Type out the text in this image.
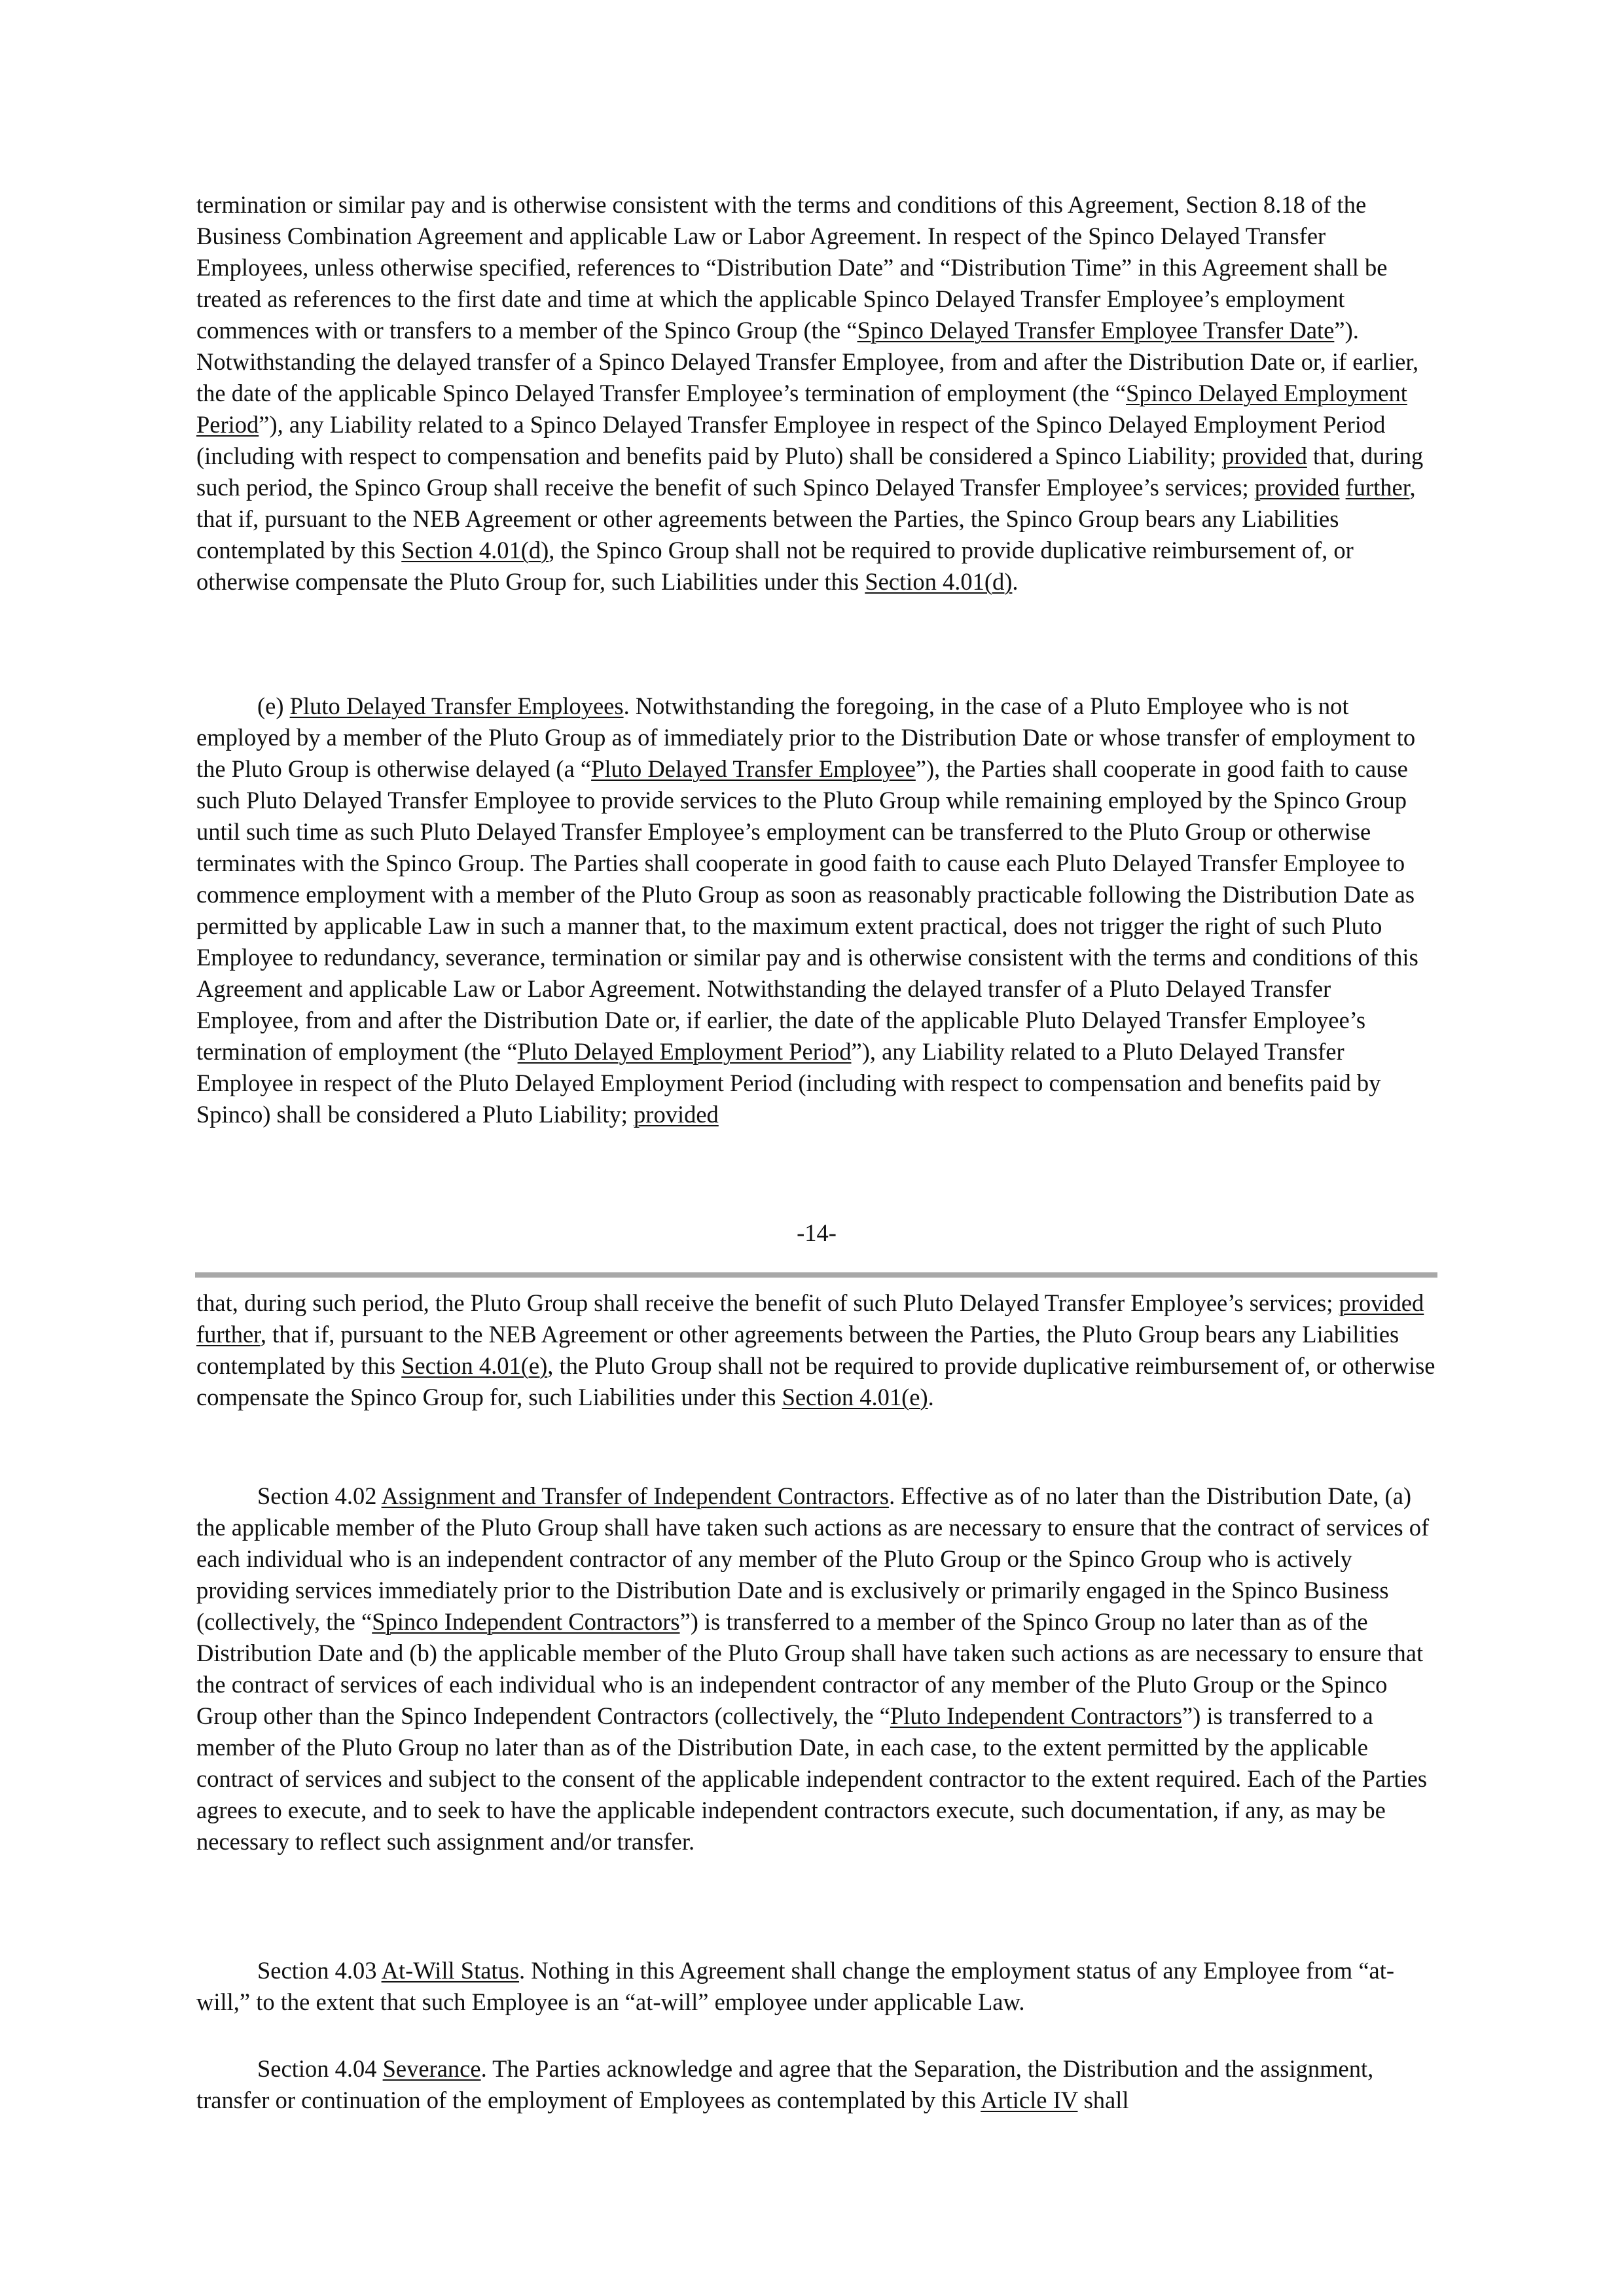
termination or similar pay and is otherwise consistent with the terms and conditions of this Agreement, Section 8.18 of the Business Combination Agreement and applicable Law or Labor Agreement. In respect of the Spinco Delayed Transfer Employees, unless otherwise specified, references to “Distribution Date” and “Distribution Time” in this Agreement shall be treated as references to the first date and time at which the applicable Spinco Delayed Transfer Employee’s employment commences with or transfers to a member of the Spinco Group (the “Spinco Delayed Transfer Employee Transfer Date”). Notwithstanding the delayed transfer of a Spinco Delayed Transfer Employee, from and after the Distribution Date or, if earlier, the date of the applicable Spinco Delayed Transfer Employee’s termination of employment (the “Spinco Delayed Employment Period”), any Liability related to a Spinco Delayed Transfer Employee in respect of the Spinco Delayed Employment Period (including with respect to compensation and benefits paid by Pluto) shall be considered a Spinco Liability; provided that, during such period, the Spinco Group shall receive the benefit of such Spinco Delayed Transfer Employee’s services; provided further, that if, pursuant to the NEB Agreement or other agreements between the Parties, the Spinco Group bears any Liabilities contemplated by this Section 4.01(d), the Spinco Group shall not be required to provide duplicative reimbursement of, or otherwise compensate the Pluto Group for, such Liabilities under this Section 4.01(d).

(e) Pluto Delayed Transfer Employees. Notwithstanding the foregoing, in the case of a Pluto Employee who is not employed by a member of the Pluto Group as of immediately prior to the Distribution Date or whose transfer of employment to the Pluto Group is otherwise delayed (a “Pluto Delayed Transfer Employee”), the Parties shall cooperate in good faith to cause such Pluto Delayed Transfer Employee to provide services to the Pluto Group while remaining employed by the Spinco Group until such time as such Pluto Delayed Transfer Employee’s employment can be transferred to the Pluto Group or otherwise terminates with the Spinco Group. The Parties shall cooperate in good faith to cause each Pluto Delayed Transfer Employee to commence employment with a member of the Pluto Group as soon as reasonably practicable following the Distribution Date as permitted by applicable Law in such a manner that, to the maximum extent practical, does not trigger the right of such Pluto Employee to redundancy, severance, termination or similar pay and is otherwise consistent with the terms and conditions of this Agreement and applicable Law or Labor Agreement. Notwithstanding the delayed transfer of a Pluto Delayed Transfer Employee, from and after the Distribution Date or, if earlier, the date of the applicable Pluto Delayed Transfer Employee’s termination of employment (the “Pluto Delayed Employment Period”), any Liability related to a Pluto Delayed Transfer Employee in respect of the Pluto Delayed Employment Period (including with respect to compensation and benefits paid by Spinco) shall be considered a Pluto Liability; provided

-14-

that, during such period, the Pluto Group shall receive the benefit of such Pluto Delayed Transfer Employee’s services; provided further, that if, pursuant to the NEB Agreement or other agreements between the Parties, the Pluto Group bears any Liabilities contemplated by this Section 4.01(e), the Pluto Group shall not be required to provide duplicative reimbursement of, or otherwise compensate the Spinco Group for, such Liabilities under this Section 4.01(e).

Section 4.02 Assignment and Transfer of Independent Contractors. Effective as of no later than the Distribution Date, (a) the applicable member of the Pluto Group shall have taken such actions as are necessary to ensure that the contract of services of each individual who is an independent contractor of any member of the Pluto Group or the Spinco Group who is actively providing services immediately prior to the Distribution Date and is exclusively or primarily engaged in the Spinco Business (collectively, the “Spinco Independent Contractors”) is transferred to a member of the Spinco Group no later than as of the Distribution Date and (b) the applicable member of the Pluto Group shall have taken such actions as are necessary to ensure that the contract of services of each individual who is an independent contractor of any member of the Pluto Group or the Spinco Group other than the Spinco Independent Contractors (collectively, the “Pluto Independent Contractors”) is transferred to a member of the Pluto Group no later than as of the Distribution Date, in each case, to the extent permitted by the applicable contract of services and subject to the consent of the applicable independent contractor to the extent required. Each of the Parties agrees to execute, and to seek to have the applicable independent contractors execute, such documentation, if any, as may be necessary to reflect such assignment and/or transfer.

Section 4.03 At-Will Status. Nothing in this Agreement shall change the employment status of any Employee from “at-will,” to the extent that such Employee is an “at-will” employee under applicable Law.

Section 4.04 Severance. The Parties acknowledge and agree that the Separation, the Distribution and the assignment, transfer or continuation of the employment of Employees as contemplated by this Article IV shall
